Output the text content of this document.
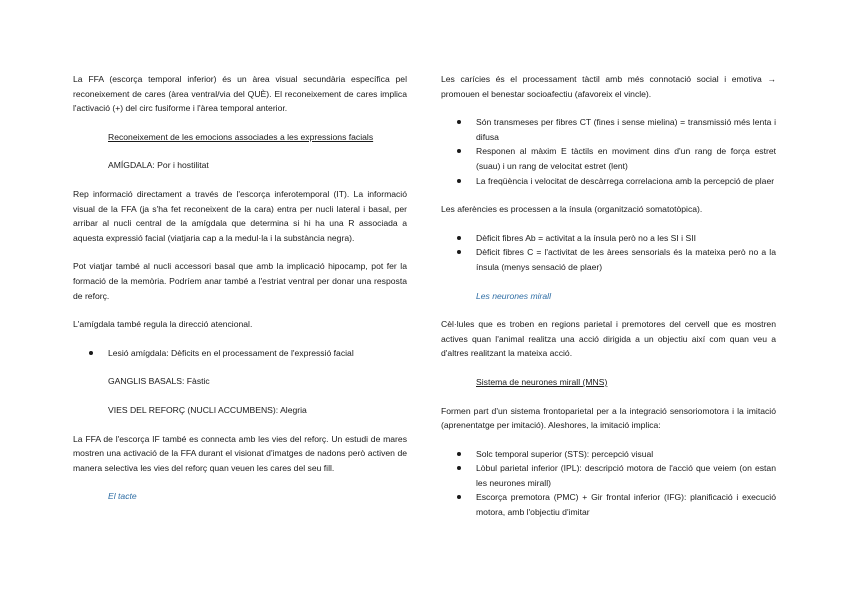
La FFA (escorça temporal inferior) és un àrea visual secundària específica pel reconeixement de cares (àrea ventral/via del QUÈ). El reconeixement de cares implica l'activació (+) del circ fusiforme i l'àrea temporal anterior.

Reconeixement de les emocions associades a les expressions facials
AMÍGDALA: Por i hostilitat

Rep informació directament a través de l'escorça inferotemporal (IT). La informació visual de la FFA (ja s'ha fet reconeixent de la cara) entra per nucli lateral i basal, per arribar al nucli central de la amígdala que determina si hi ha una R associada a aquesta expressió facial (viatjaria cap a la medul·la i la substància negra).

Pot viatjar també al nucli accessori basal que amb la implicació hipocamp, pot fer la formació de la memòria. Podríem anar també a l'estriat ventral per donar una resposta de reforç.

L'amígdala també regula la direcció atencional.

Lesió amígdala: Dèficits en el processament de l'expressió facial
GANGLIS BASALS: Fàstic
VIES DEL REFORÇ (NUCLI ACCUMBENS): Alegria

La FFA de l'escorça IF també es connecta amb les vies del reforç. Un estudi de mares mostren una activació de la FFA durant el visionat d'imatges de nadons però activen de manera selectiva les vies del reforç quan veuen les cares del seu fill.

El tacte

Les carícies és el processament tàctil amb més connotació social i emotiva → promouen el benestar socioafectiu (afavoreix el vincle).

Són transmeses per fibres CT (fines i sense mielina) = transmissió més lenta i difusa
Responen al màxim E tàctils en moviment dins d'un rang de força estret (suau) i un rang de velocitat estret (lent)
La freqüència i velocitat de descàrrega correlaciona amb la percepció de plaer

Les aferències es processen a la ínsula (organització somatotòpica).

Dèficit fibres Ab = activitat a la ínsula però no a les SI i SII
Dèficit fibres C = l'activitat de les àrees sensorials és la mateixa però no a la ínsula (menys sensació de plaer)
Les neurones mirall

Cèl·lules que es troben en regions parietal i premotores del cervell que es mostren actives quan l'animal realitza una acció dirigida a un objectiu així com quan veu a d'altres realitzant la mateixa acció.

Sistema de neurones mirall (MNS)

Formen part d'un sistema frontoparietal per a la integració sensoriomotora i la imitació (aprenentatge per imitació). Aleshores, la imitació implica:

Solc temporal superior (STS): percepció visual
Lòbul parietal inferior (IPL): descripció motora de l'acció que veiem (on estan les neurones mirall)
Escorça premotora (PMC) + Gir frontal inferior (IFG): planificació i execució motora, amb l'objectiu d'imitar
